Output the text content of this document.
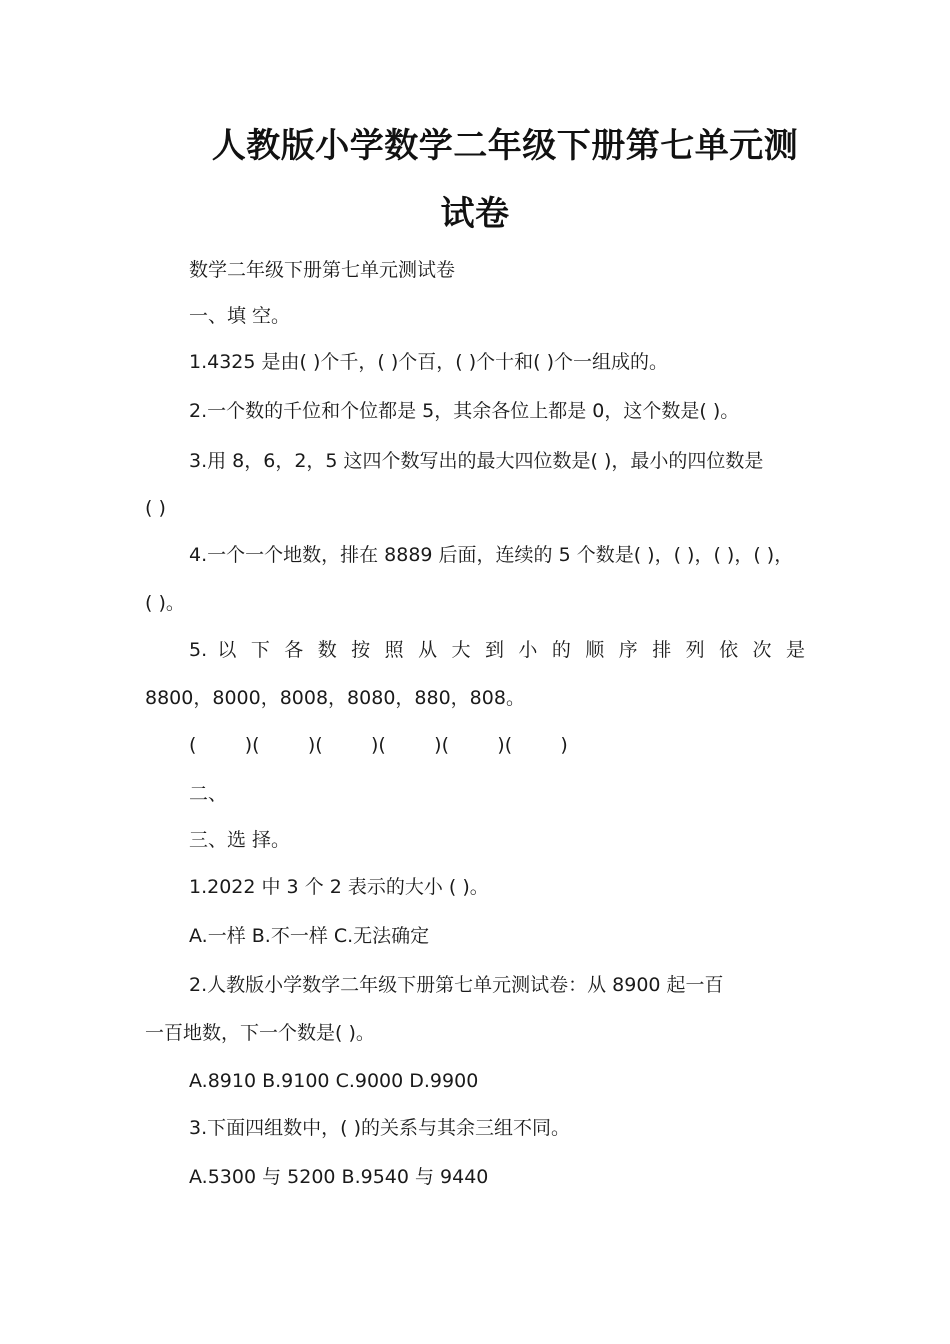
人教版小学数学二年级下册第七单元测
试卷
数学二年级下册第七单元测试卷
一、填 空。
1.4325 是由( )个千，( )个百，( )个十和( )个一组成的。
2.一个数的千位和个位都是 5，其余各位上都是 0，这个数是( )。
3.用 8，6，2，5 这四个数写出的最大四位数是( )，最小的四位数是
( )
4.一个一个地数，排在 8889 后面，连续的 5 个数是( )，( )，( )，( )，
( )。
5. 以 下 各 数 按 照 从 大 到 小 的 顺 序 排 列 依 次 是
8800，8000，8008，8080，880，808。
(        )(        )(        )(        )(        )(        )
二、
三、选 择。
1.2022 中 3 个 2 表示的大小 ( )。
A.一样 B.不一样 C.无法确定
2.人教版小学数学二年级下册第七单元测试卷：从 8900 起一百
一百地数，下一个数是( )。
A.8910 B.9100 C.9000 D.9900
3.下面四组数中，( )的关系与其余三组不同。
A.5300 与 5200 B.9540 与 9440
